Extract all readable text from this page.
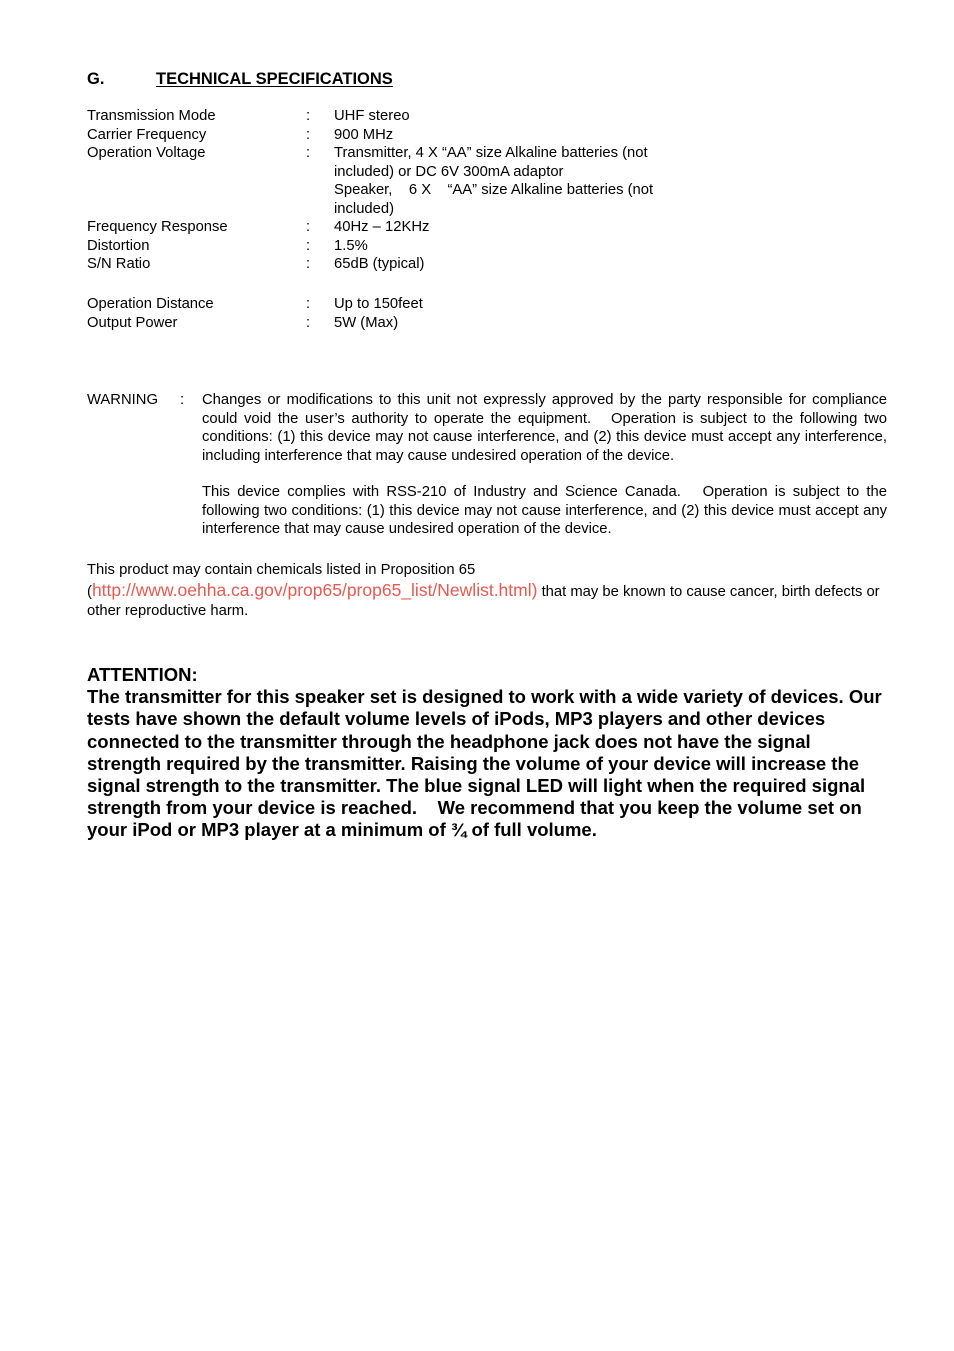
G.	TECHNICAL SPECIFICATIONS
Transmission Mode	:	UHF stereo
Carrier Frequency	:	900 MHz
Operation Voltage	:	Transmitter, 4 X “AA” size Alkaline batteries (not
included) or DC 6V 300mA adaptor
Speaker,    6 X    “AA” size Alkaline batteries (not
included)
Frequency Response	:	40Hz – 12KHz
Distortion	:	1.5%
S/N Ratio	:	65dB (typical)
Operation Distance	:	Up to 150feet
Output Power	:	5W (Max)
WARNING	:	Changes or modifications to this unit not expressly approved by the party responsible for compliance could void the user’s authority to operate the equipment.   Operation is subject to the following two conditions: (1) this device may not cause interference, and (2) this device must accept any interference, including interference that may cause undesired operation of the device.

This device complies with RSS-210 of Industry and Science Canada.   Operation is subject to the following two conditions: (1) this device may not cause interference, and (2) this device must accept any interference that may cause undesired operation of the device.

This product may contain chemicals listed in Proposition 65
(http://www.oehha.ca.gov/prop65/prop65_list/Newlist.html) that may be known to cause cancer, birth defects or other reproductive harm.

ATTENTION:

The transmitter for this speaker set is designed to work with a wide variety of devices. Our tests have shown the default volume levels of iPods, MP3 players and other devices connected to the transmitter through the headphone jack does not have the signal strength required by the transmitter. Raising the volume of your device will increase the signal strength to the transmitter. The blue signal LED will light when the required signal strength from your device is reached.    We recommend that you keep the volume set on your iPod or MP3 player at a minimum of ¾ of full volume.
